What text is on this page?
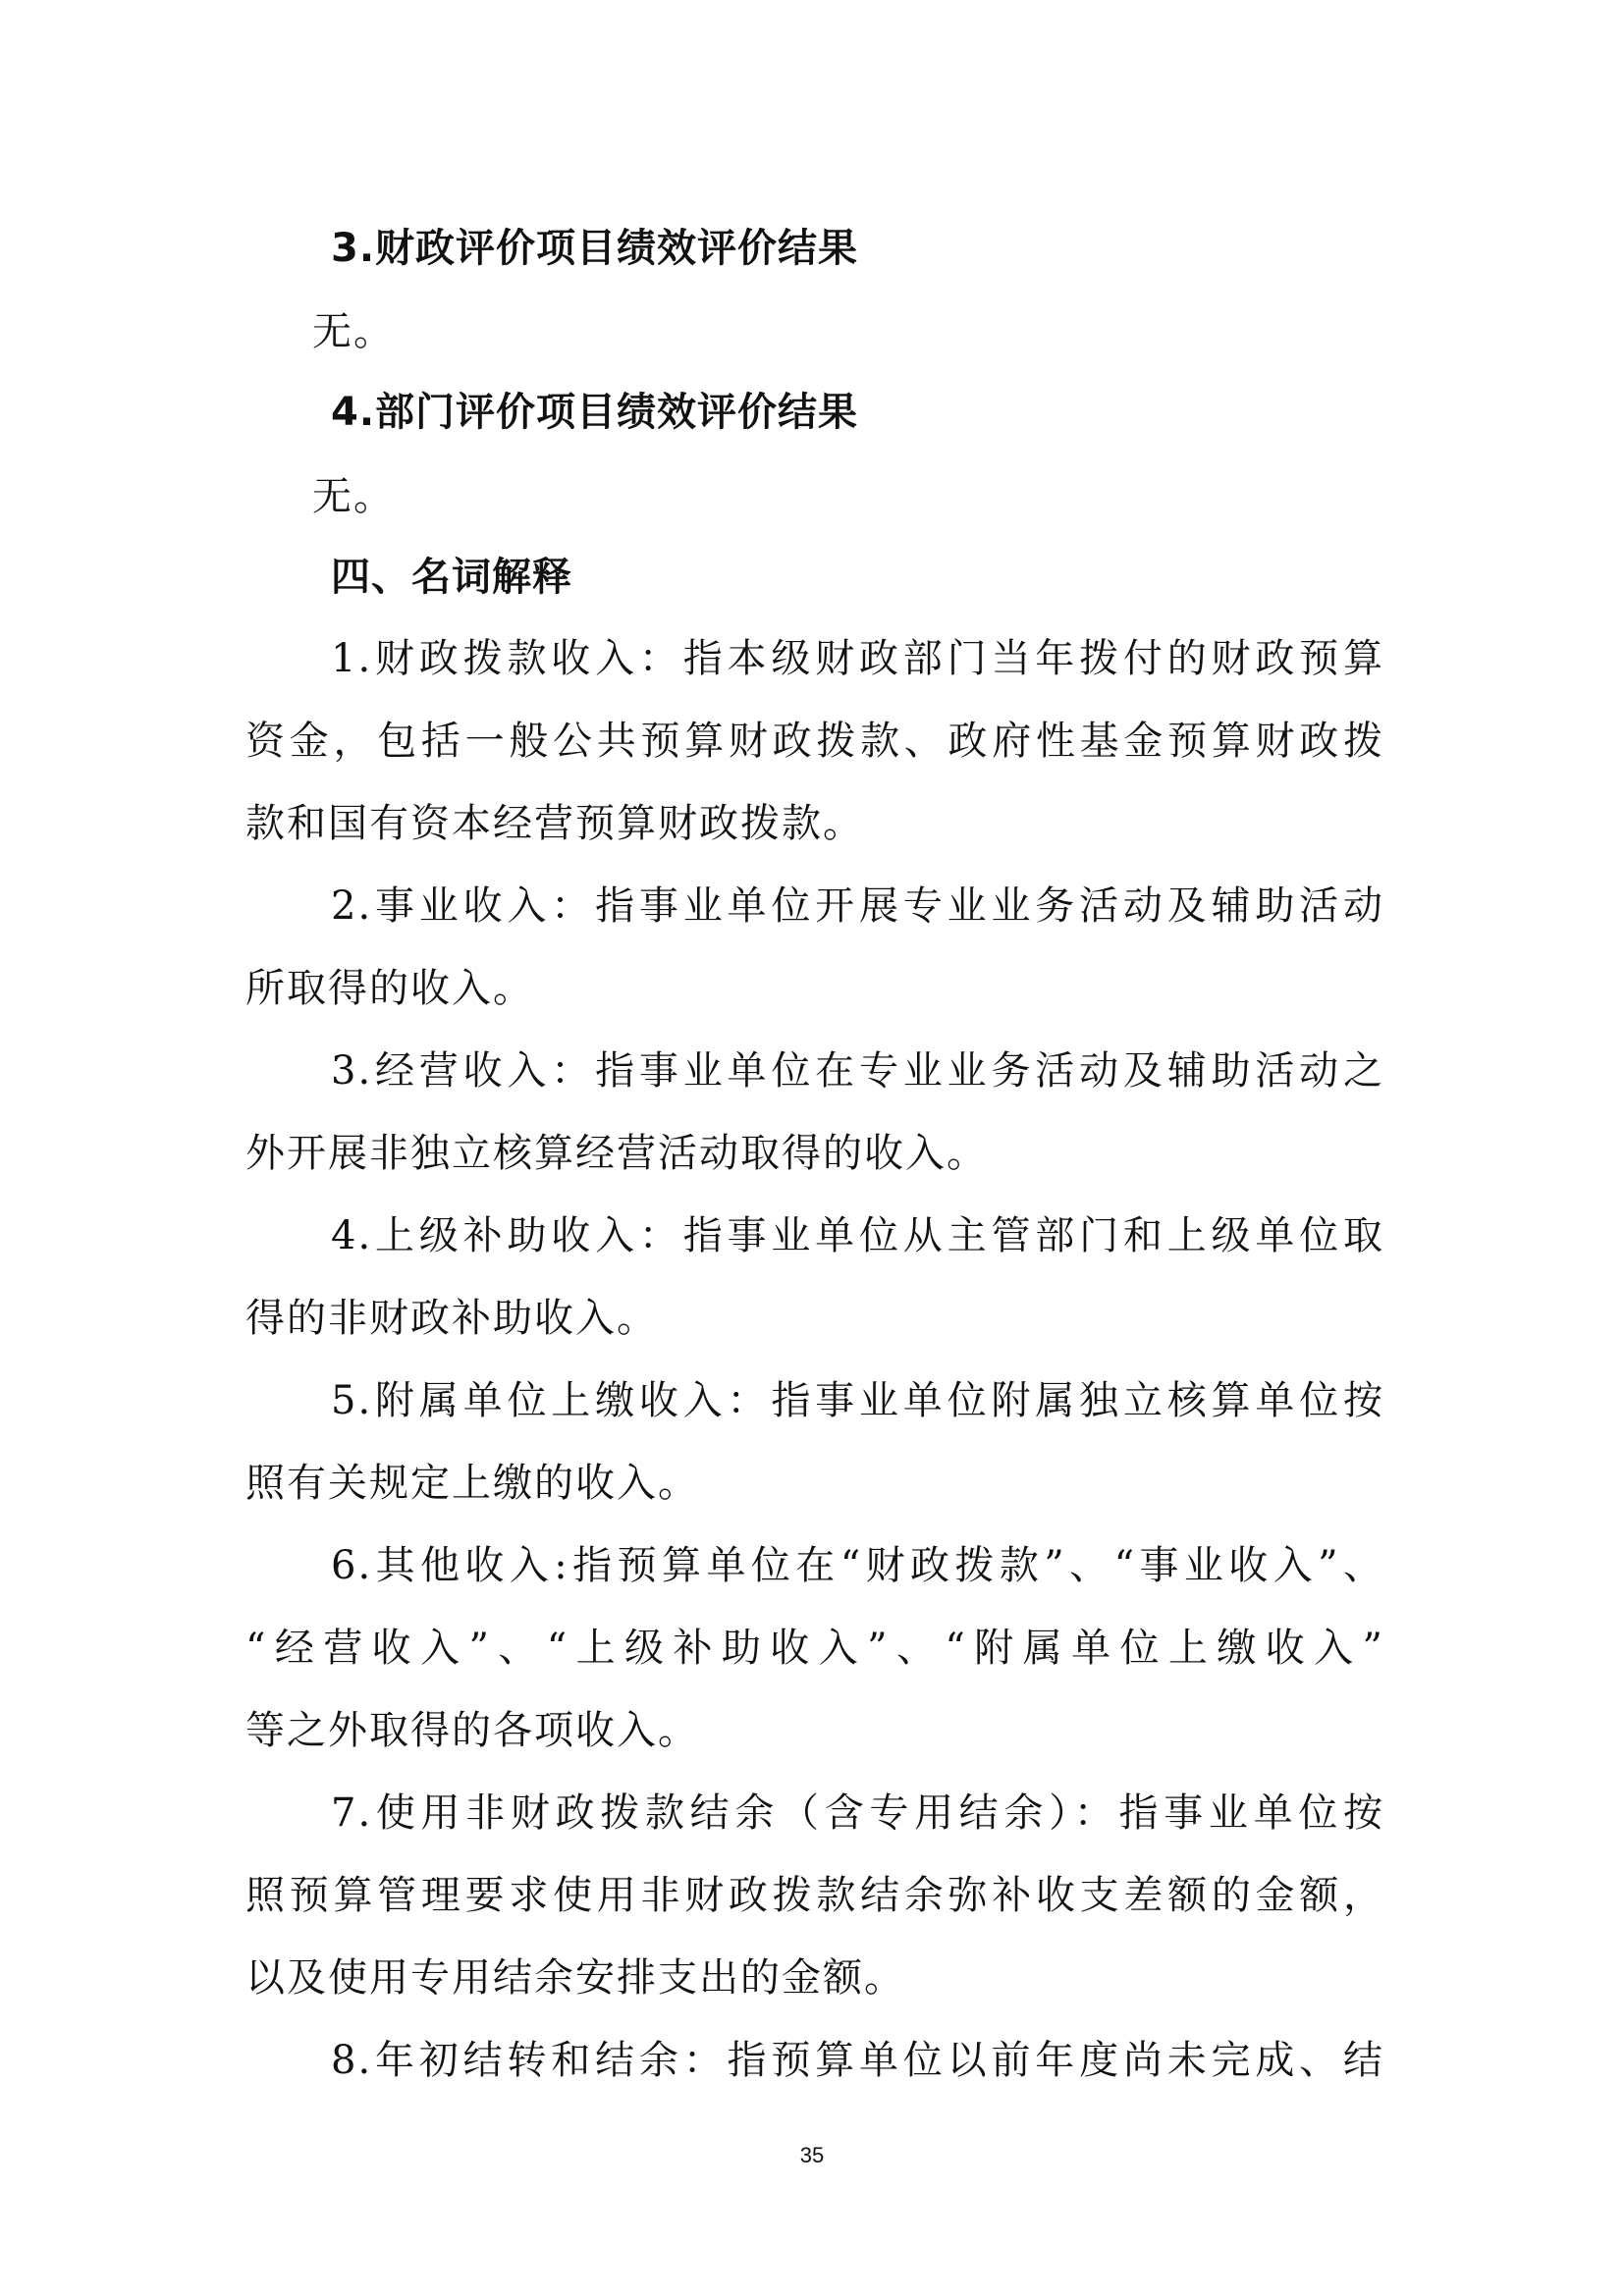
3.财政评价项目绩效评价结果

无。

4.部门评价项目绩效评价结果

无。

四、名词解释

1.财政拨款收入：指本级财政部门当年拨付的财政预算

资金，包括一般公共预算财政拨款、政府性基金预算财政拨

款和国有资本经营预算财政拨款。

2.事业收入：指事业单位开展专业业务活动及辅助活动

所取得的收入。

3.经营收入：指事业单位在专业业务活动及辅助活动之

外开展非独立核算经营活动取得的收入。

4.上级补助收入：指事业单位从主管部门和上级单位取

得的非财政补助收入。

5.附属单位上缴收入：指事业单位附属独立核算单位按

照有关规定上缴的收入。

6.其他收入:指预算单位在“财政拨款”、“事业收入”、

“经营收入”、“上级补助收入”、“附属单位上缴收入”

等之外取得的各项收入。

7.使用非财政拨款结余（含专用结余）：指事业单位按

照预算管理要求使用非财政拨款结余弥补收支差额的金额，

以及使用专用结余安排支出的金额。

8.年初结转和结余：指预算单位以前年度尚未完成、结

35
